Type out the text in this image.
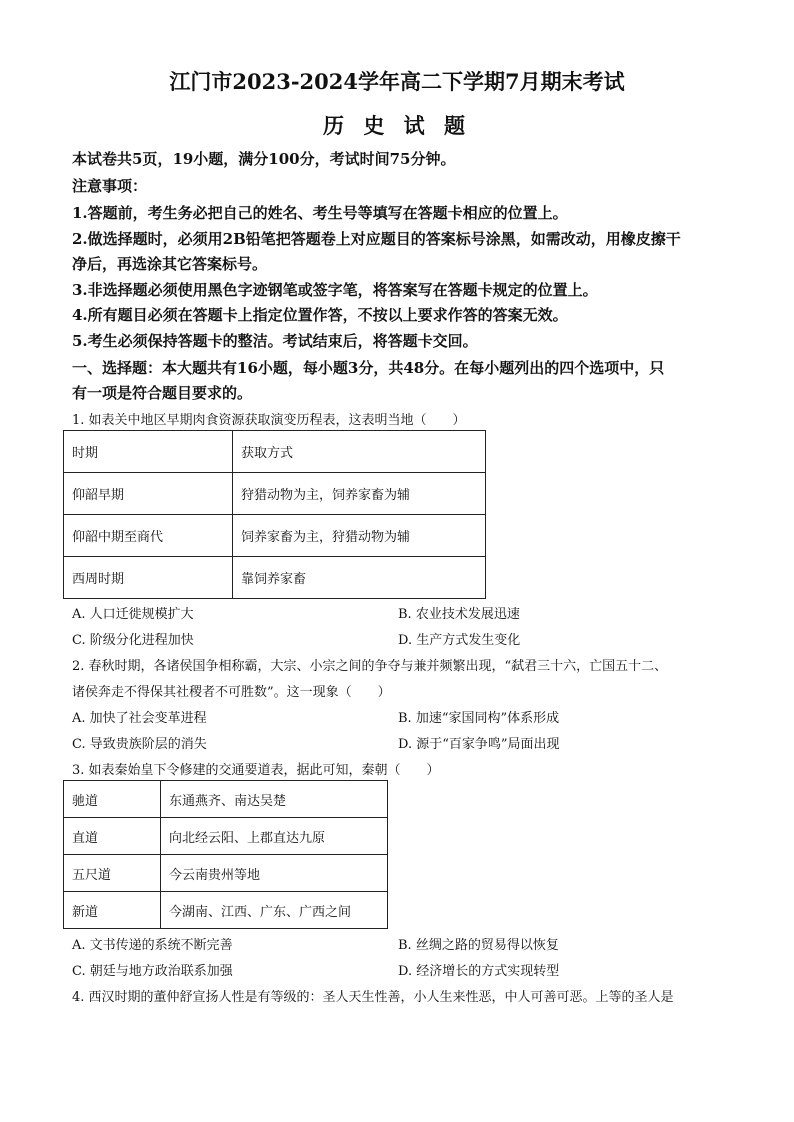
江门市2023-2024学年高二下学期7月期末考试
历 史 试 题
本试卷共5页，19小题，满分100分，考试时间75分钟。
注意事项：
1.答题前，考生务必把自己的姓名、考生号等填写在答题卡相应的位置上。
2.做选择题时，必须用2B铅笔把答题卷上对应题目的答案标号涂黑，如需改动，用橡皮擦干
净后，再选涂其它答案标号。
3.非选择题必须使用黑色字迹钢笔或签字笔，将答案写在答题卡规定的位置上。
4.所有题目必须在答题卡上指定位置作答，不按以上要求作答的答案无效。
5.考生必须保持答题卡的整洁。考试结束后，将答题卡交回。
一、选择题：本大题共有16小题，每小题3分，共48分。在每小题列出的四个选项中，只
有一项是符合题目要求的。
1. 如表关中地区早期肉食资源获取演变历程表，这表明当地（　　）
时期	获取方式
仰韶早期	狩猎动物为主，饲养家畜为辅
仰韶中期至商代	饲养家畜为主，狩猎动物为辅
西周时期	靠饲养家畜
A. 人口迁徙规模扩大	B. 农业技术发展迅速
C. 阶级分化进程加快	D. 生产方式发生变化
2. 春秋时期，各诸侯国争相称霸，大宗、小宗之间的争夺与兼并频繁出现，“弑君三十六，亡国五十二、
诸侯奔走不得保其社稷者不可胜数”。这一现象（　　）
A. 加快了社会变革进程	B. 加速“家国同构”体系形成
C. 导致贵族阶层的消失	D. 源于“百家争鸣”局面出现
3. 如表秦始皇下令修建的交通要道表，据此可知，秦朝（　　）
驰道	东通燕齐、南达吴楚
直道	向北经云阳、上郡直达九原
五尺道	今云南贵州等地
新道	今湖南、江西、广东、广西之间
A. 文书传递的系统不断完善	B. 丝绸之路的贸易得以恢复
C. 朝廷与地方政治联系加强	D. 经济增长的方式实现转型
4. 西汉时期的董仲舒宣扬人性是有等级的：圣人天生性善，小人生来性恶，中人可善可恶。上等的圣人是
